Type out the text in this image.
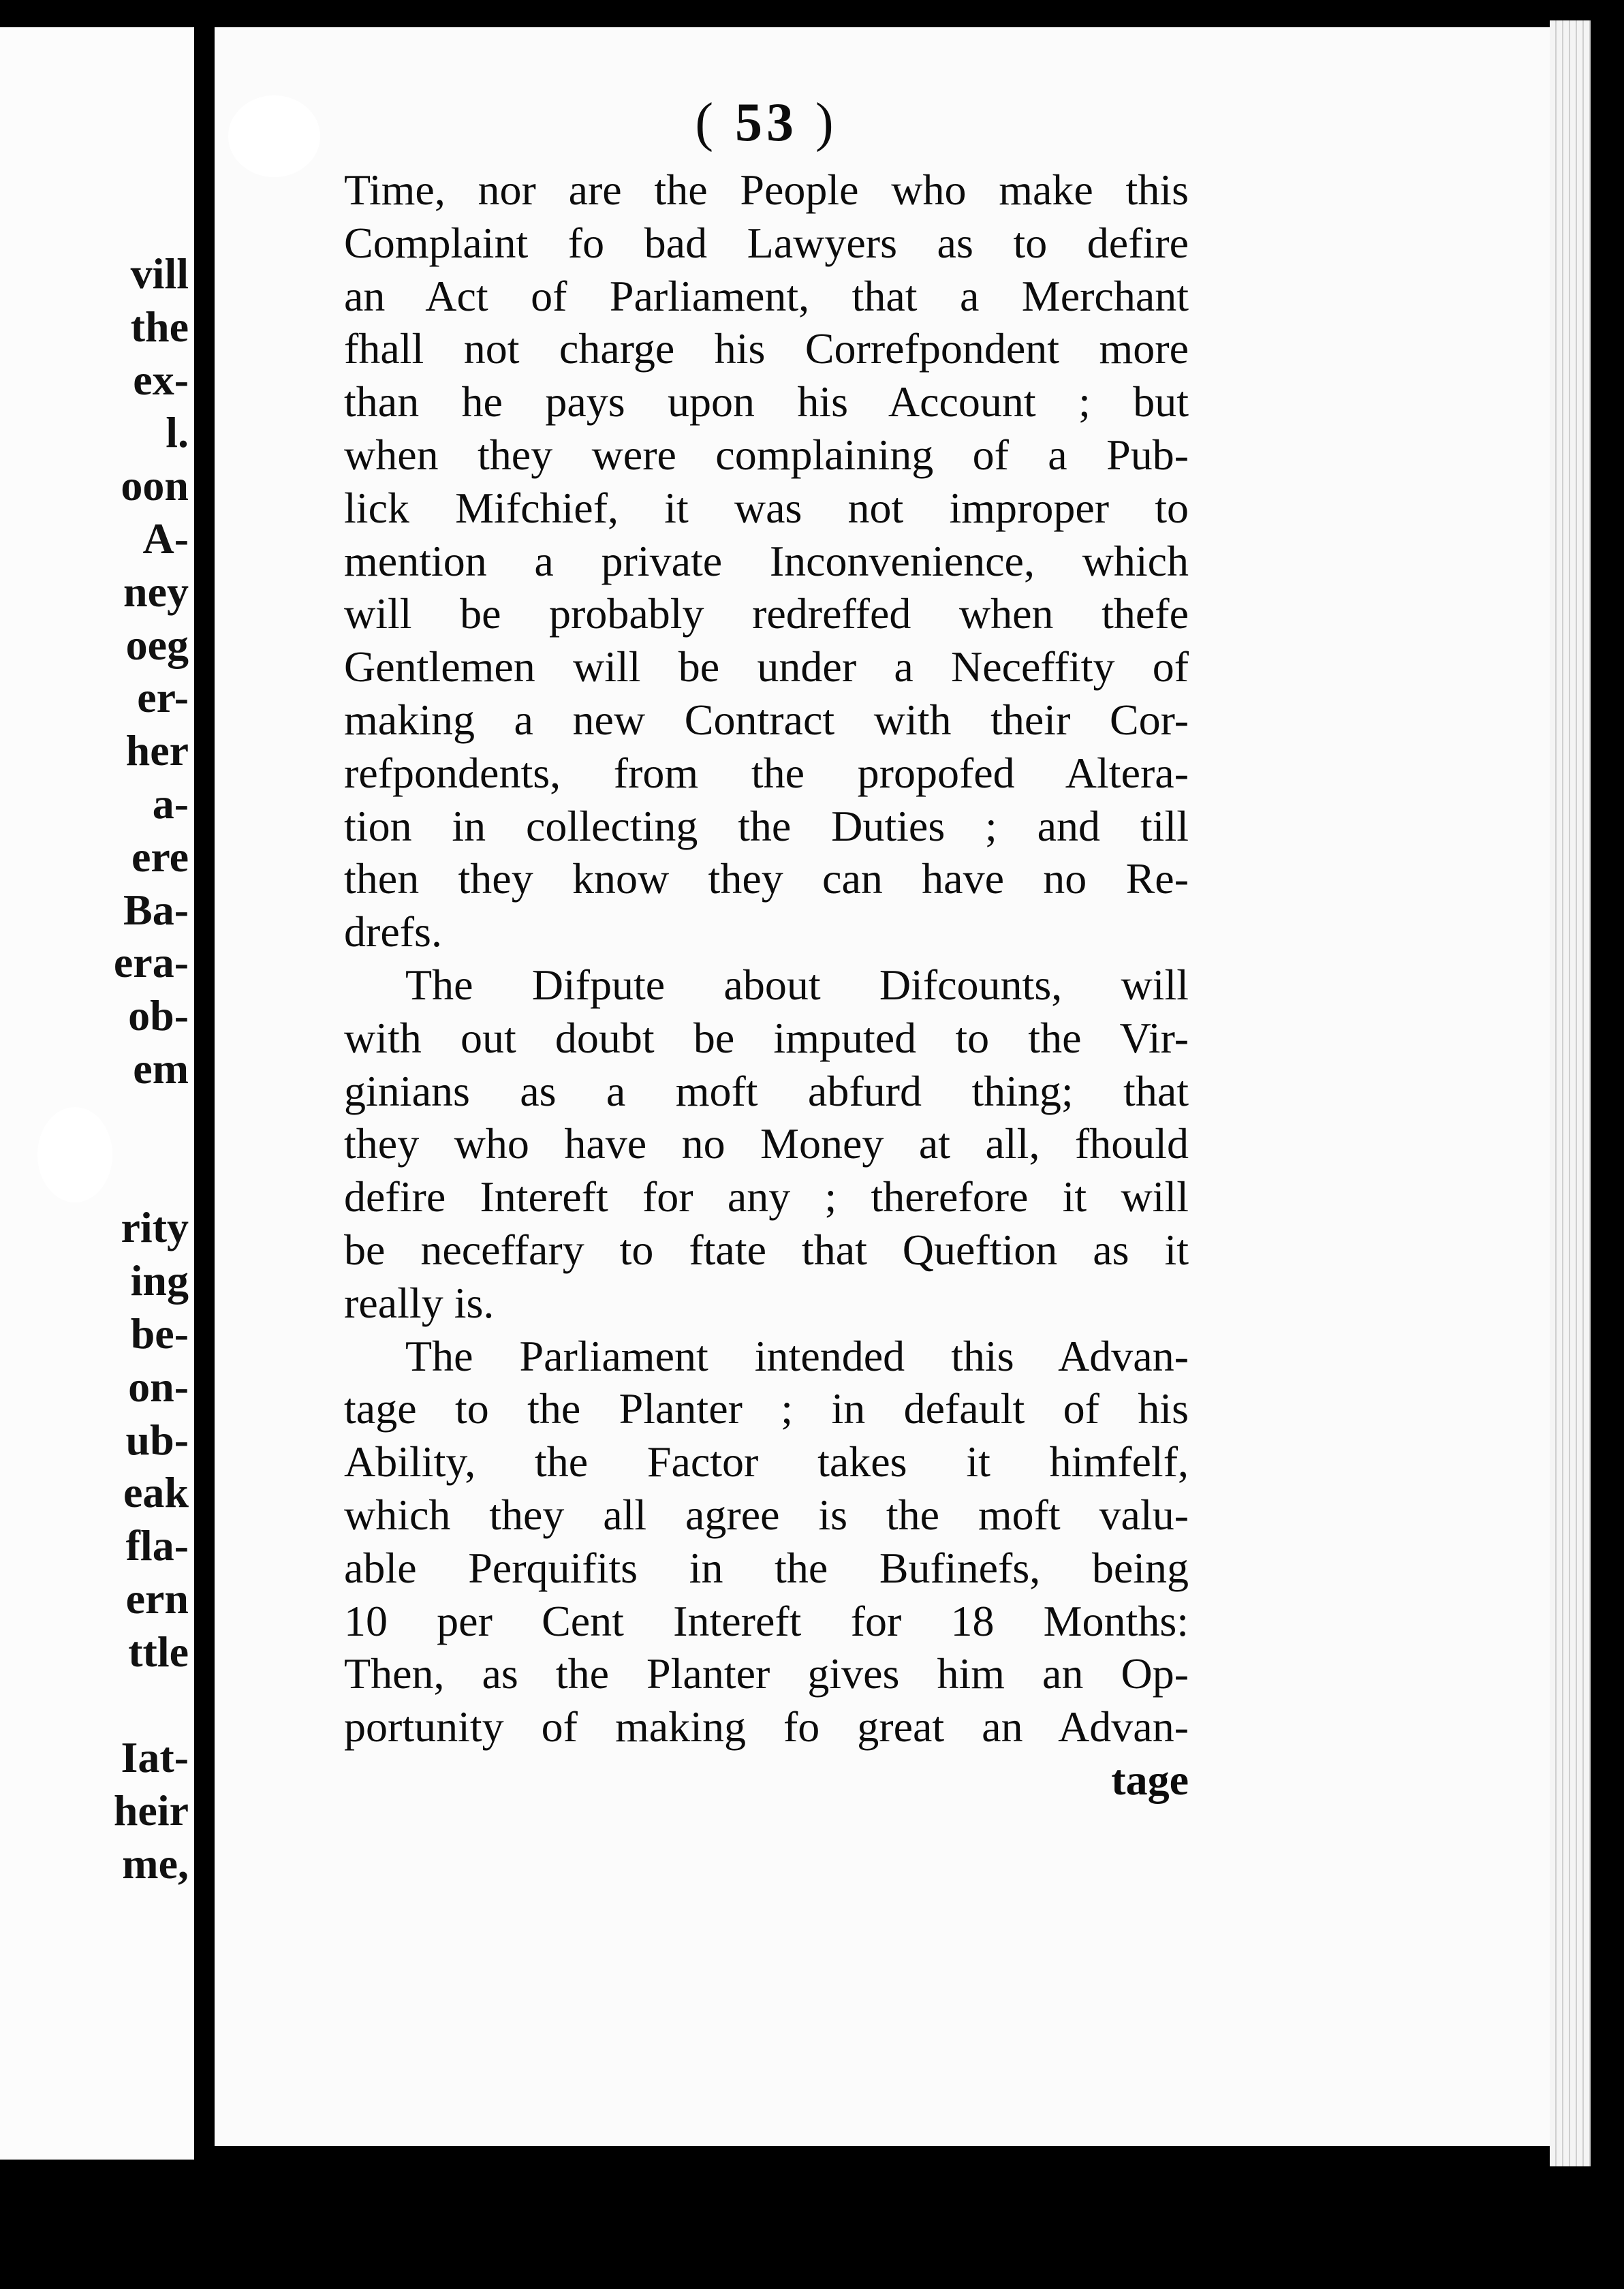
vill

the

ex-

l.

oon

A-

ney

oeg

er-

her

a-

ere

Ba-

era-

ob-

em

rity

ing

be-

on-

ub-

eak

fla-

ern

ttle

Iat-

heir

me,

( 53 )

Time, nor are the People who make this

Complaint fo bad Lawyers as to defire

an Act of Parliament, that a Merchant

fhall not charge his Correfpondent more

than he pays upon his Account ; but

when they were complaining of a Pub-

lick Mifchief, it was not improper to

mention a private Inconvenience, which

will be probably redreffed when thefe

Gentlemen will be under a Neceffity of

making a new Contract with their Cor-

refpondents, from the propofed Altera-

tion in collecting the Duties ; and till

then they know they can have no Re-

drefs.

The Difpute about Difcounts, will

with out doubt be imputed to the Vir-

ginians as a moft abfurd thing; that

they who have no Money at all, fhould

defire Intereft for any ; therefore it will

be neceffary to ftate that Queftion as it

really is.

The Parliament intended this Advan-

tage to the Planter ; in default of his

Ability, the Factor takes it himfelf,

which they all agree is the moft valu-

able Perquifits in the Bufinefs, being

10 per Cent Intereft for 18 Months:

Then, as the Planter gives him an Op-

portunity of making fo great an Advan-

tage
